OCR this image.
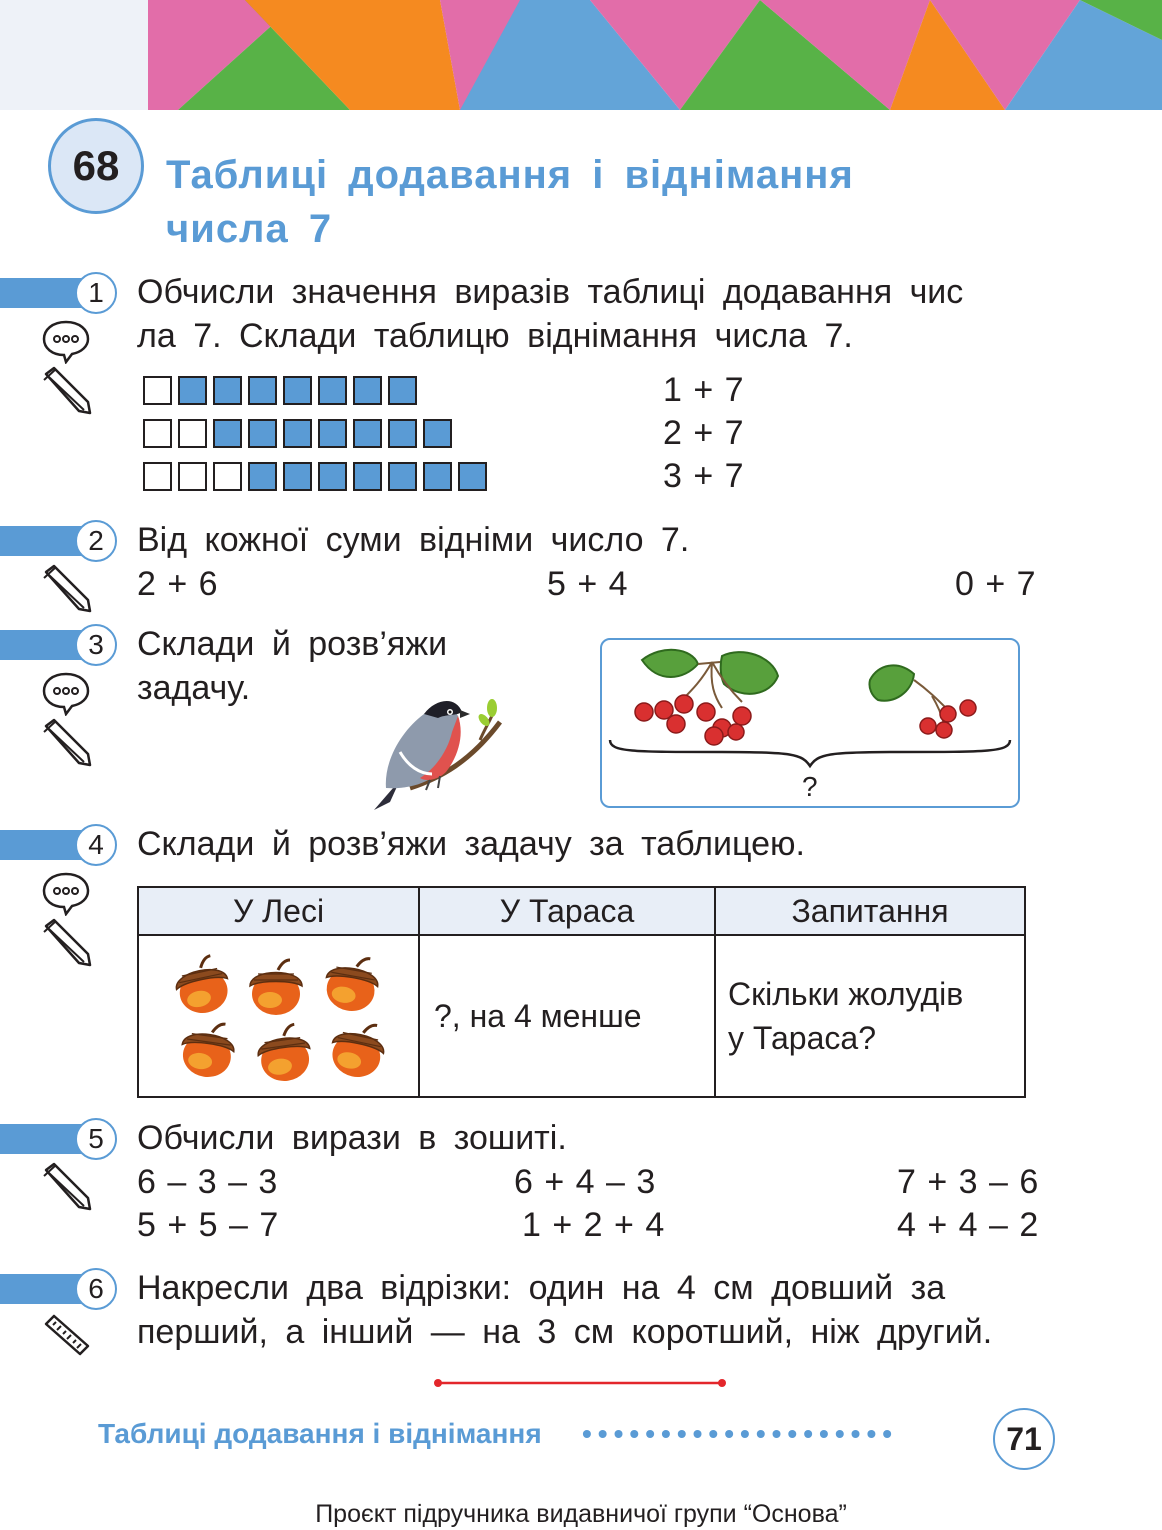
68 Таблиці додавання і віднімання
числа 7
1 Обчисли значення виразів таблиці додавання чис
ла 7. Склади таблицю віднімання числа 7.
1 + 7
2 + 7
3 + 7
2 Від кожної суми відніми число 7.
2 + 6	5 + 4	0 + 7
3 Склади й розв’яжи
задачу.
?
4 Склади й розв’яжи задачу за таблицею.
У Лесі	У Тараса	Запитання

	?, на 4 менше	Скільки жолудів
у Тараса?
5 Обчисли вирази в зошиті.
6 – 3 – 3	6 + 4 – 3	7 + 3 – 6
5 + 5 – 7	1 + 2 + 4	4 + 4 – 2
6 Накресли два відрізки: один на 4 см довший за
перший, а інший — на 3 см коротший, ніж другий.
Таблиці додавання і віднімання ••••••••••••••••••••	71
Проєкт підручника видавничої групи “Основа”
